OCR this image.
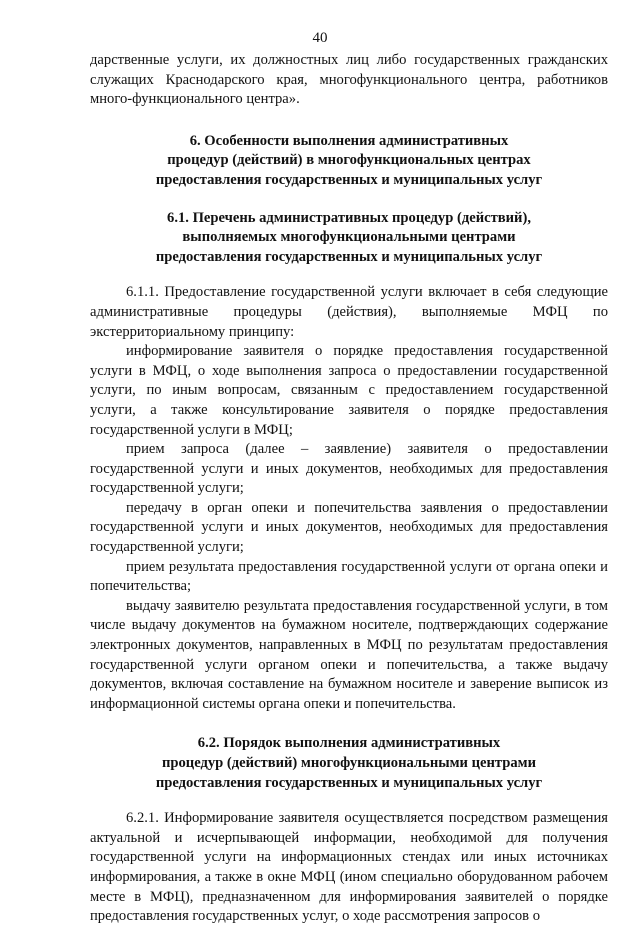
40

дарственные услуги, их должностных лиц либо государственных гражданских служащих Краснодарского края, многофункционального центра, работников много-функционального центра».

6. Особенности выполнения административных
процедур (действий) в многофункциональных центрах
предоставления государственных и муниципальных услуг
6.1. Перечень административных процедур (действий),
выполняемых многофункциональными центрами
предоставления государственных и муниципальных услуг

6.1.1. Предоставление государственной услуги включает в себя следующие административные процедуры (действия), выполняемые МФЦ по экстерриториальному принципу:

информирование заявителя о порядке предоставления государственной услуги в МФЦ, о ходе выполнения запроса о предоставлении государственной услуги, по иным вопросам, связанным с предоставлением государственной услуги, а также консультирование заявителя о порядке предоставления государственной услуги в МФЦ;

прием запроса (далее – заявление) заявителя о предоставлении государственной услуги и иных документов, необходимых для предоставления государственной услуги;

передачу в орган опеки и попечительства заявления о предоставлении государственной услуги и иных документов, необходимых для предоставления государственной услуги;

прием результата предоставления государственной услуги от органа опеки и попечительства;

выдачу заявителю результата предоставления государственной услуги, в том числе выдачу документов на бумажном носителе, подтверждающих содержание электронных документов, направленных в МФЦ по результатам предоставления государственной услуги органом опеки и попечительства, а также выдачу документов, включая составление на бумажном носителе и заверение выписок из информационной системы органа опеки и попечительства.

6.2. Порядок выполнения административных
процедур (действий) многофункциональными центрами
предоставления государственных и муниципальных услуг

6.2.1. Информирование заявителя осуществляется посредством размещения актуальной и исчерпывающей информации, необходимой для получения государственной услуги на информационных стендах или иных источниках информирования, а также в окне МФЦ (ином специально оборудованном рабочем месте в МФЦ), предназначенном для информирования заявителей о порядке предоставления государственных услуг, о ходе рассмотрения запросов о
